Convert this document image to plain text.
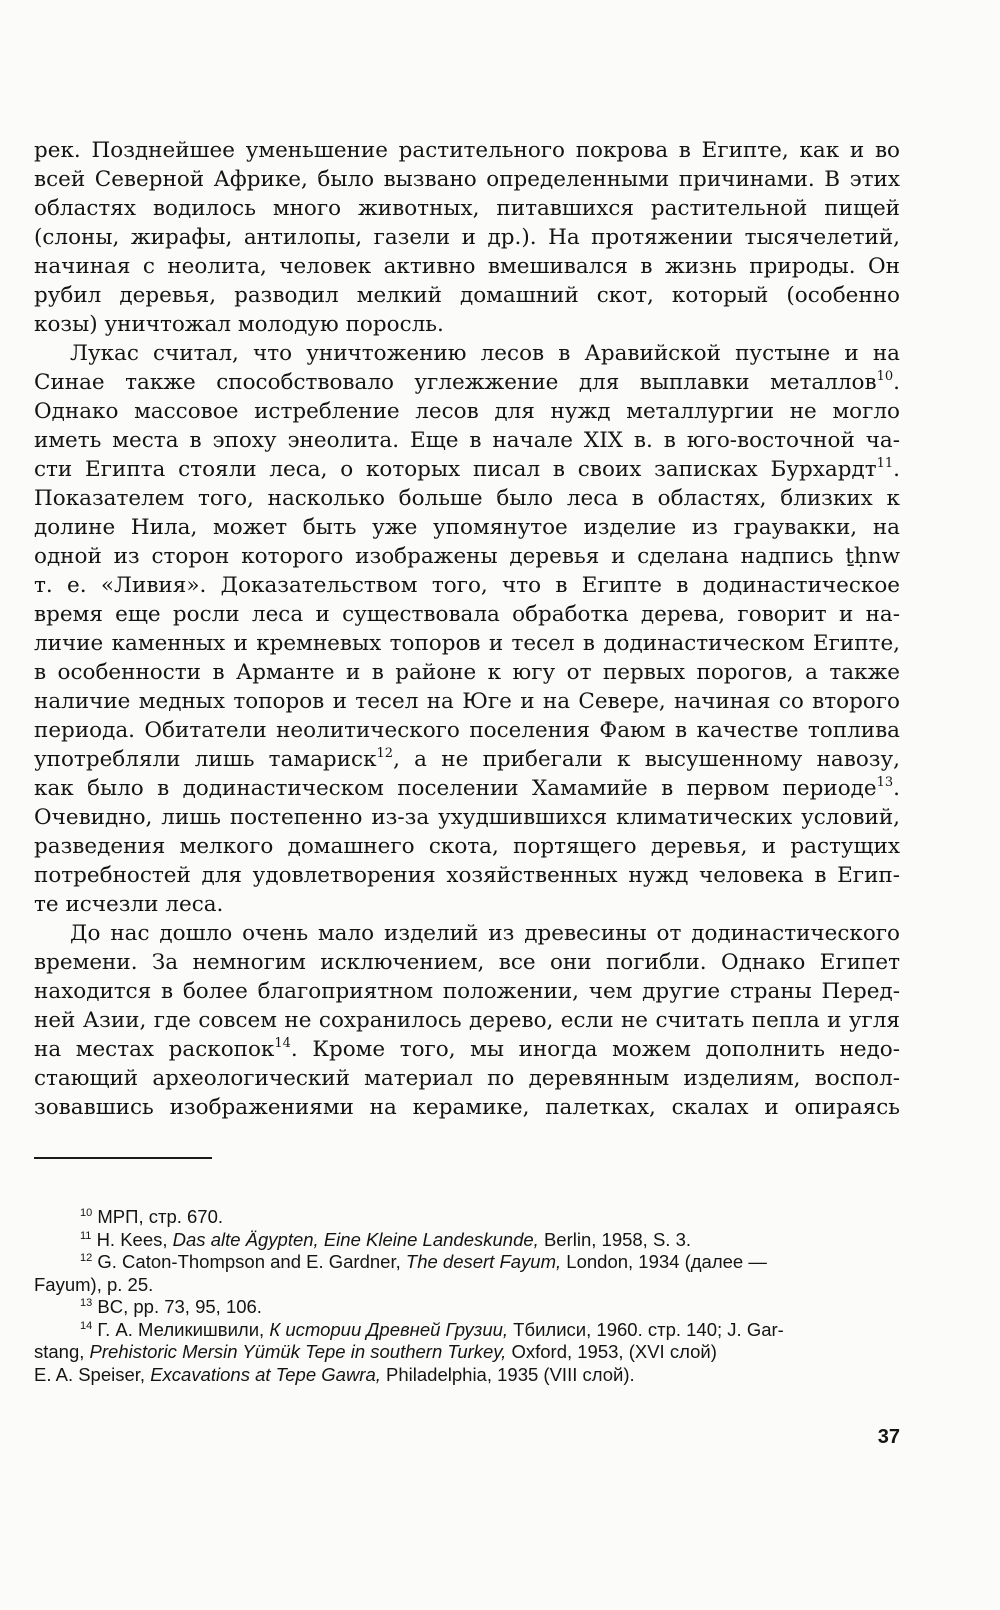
рек. Позднейшее уменьшение растительного покрова в Египте, как и во
всей Северной Африке, было вызвано определенными причинами. В этих
областях водилось много животных, питавшихся растительной пищей
(слоны, жирафы, антилопы, газели и др.). На протяжении тысячелетий,
начиная с неолита, человек активно вмешивался в жизнь природы. Он
рубил деревья, разводил мелкий домашний скот, который (особенно
козы) уничтожал молодую поросль.
Лукас считал, что уничтожению лесов в Аравийской пустыне и на
Синае также способствовало углежжение для выплавки металлов$^{10}$.
Однако массовое истребление лесов для нужд металлургии не могло
иметь места в эпоху энеолита. Еще в начале XIX в. в юго-восточной ча-
сти Египта стояли леса, о которых писал в своих записках Бурхардт$^{11}$.
Показателем того, насколько больше было леса в областях, близких к
долине Нила, может быть уже упомянутое изделие из граувакки, на
одной из сторон которого изображены деревья и сделана надпись ṯḥnw
т. е. «Ливия». Доказательством того, что в Египте в додинастическое
время еще росли леса и существовала обработка дерева, говорит и на-
личие каменных и кремневых топоров и тесел в додинастическом Египте,
в особенности в Арманте и в районе к югу от первых порогов, а также
наличие медных топоров и тесел на Юге и на Севере, начиная со второго
периода. Обитатели неолитического поселения Фаюм в качестве топлива
употребляли лишь тамариск$^{12}$, а не прибегали к высушенному навозу,
как было в додинастическом поселении Хамамийе в первом периоде$^{13}$.
Очевидно, лишь постепенно из-за ухудшившихся климатических условий,
разведения мелкого домашнего скота, портящего деревья, и растущих
потребностей для удовлетворения хозяйственных нужд человека в Егип-
те исчезли леса.
До нас дошло очень мало изделий из древесины от додинастического
времени. За немногим исключением, все они погибли. Однако Египет
находится в более благоприятном положении, чем другие страны Перед-
ней Азии, где совсем не сохранилось дерево, если не считать пепла и угля
на местах раскопок$^{14}$. Кроме того, мы иногда можем дополнить недо-
стающий археологический материал по деревянным изделиям, воспол-
зовавшись изображениями на керамике, палетках, скалах и опираясь
$^{10}$ МРП, стр. 670.
$^{11}$ H. Kees, Das alte Ägypten, Eine Kleine Landeskunde, Berlin, 1958, S. 3.
$^{12}$ G. Caton-Thompson and E. Gardner, The desert Fayum, London, 1934 (далее —
Fayum), p. 25.
$^{13}$ BC, pp. 73, 95, 106.
$^{14}$ Г. А. Меликишвили, К истории Древней Грузии, Тбилиси, 1960. стр. 140; J. Gar-
stang, Prehistoric Mersin Yümük Tepe in southern Turkey, Oxford, 1953, (XVI слой)
E. A. Speiser, Excavations at Tepe Gawra, Philadelphia, 1935 (VIII слой).
37
